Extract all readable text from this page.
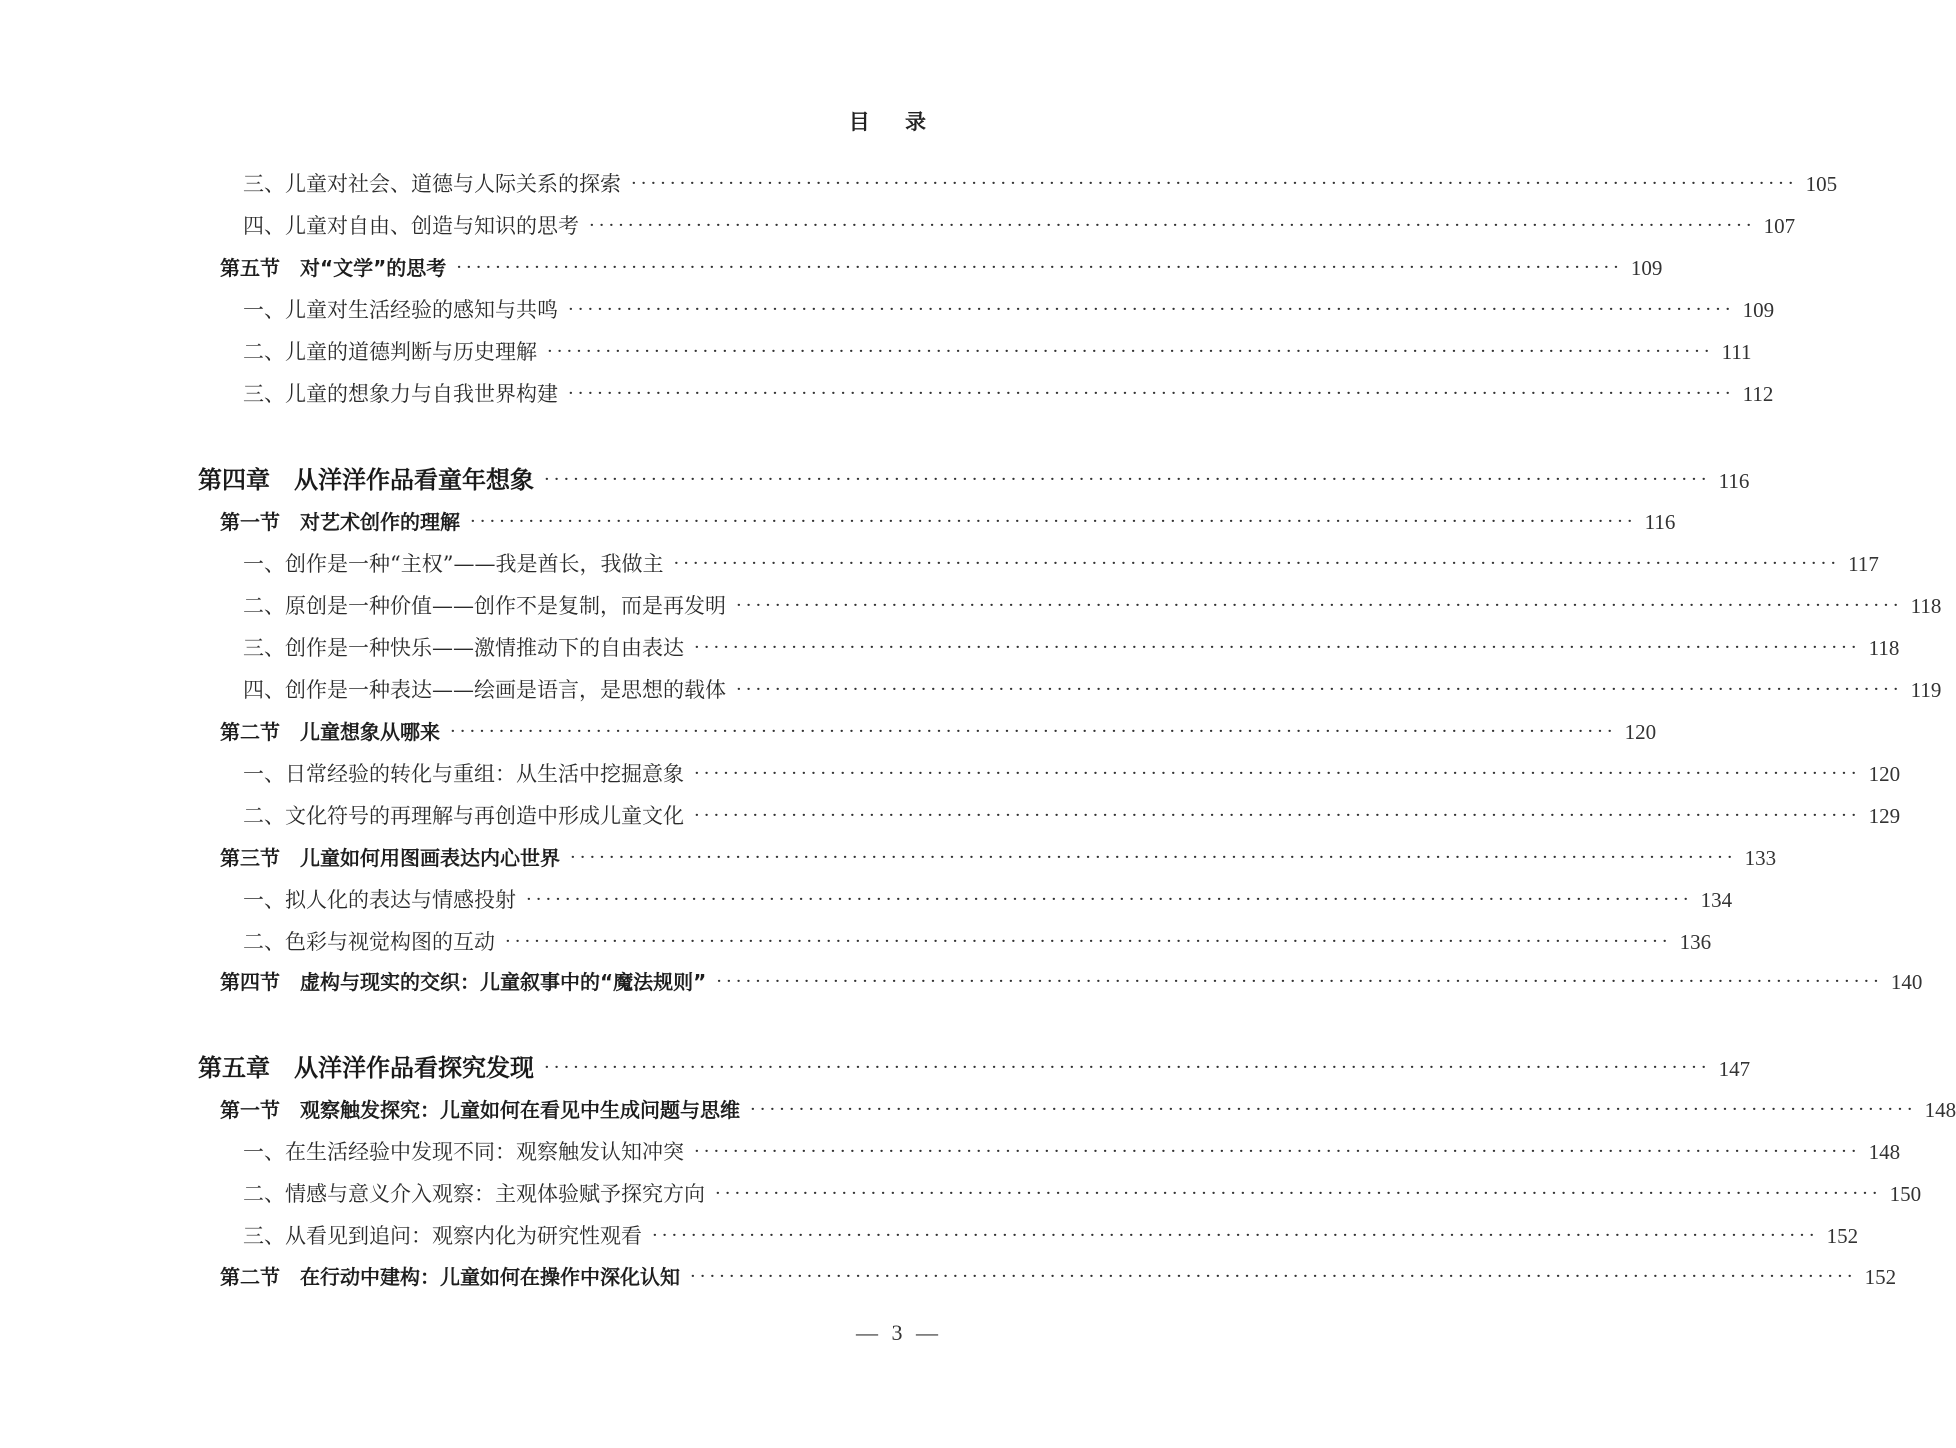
目 录
三、儿童对社会、道德与人际关系的探索 ························································································································ 105
四、儿童对自由、创造与知识的思考 ························································································································ 107
第五节　对“文学”的思考 ························································································································ 109
一、儿童对生活经验的感知与共鸣 ························································································································ 109
二、儿童的道德判断与历史理解 ························································································································ 111
三、儿童的想象力与自我世界构建 ························································································································ 112
第四章　从洋洋作品看童年想象 ························································································································ 116
第一节　对艺术创作的理解 ························································································································ 116
一、创作是一种“主权”——我是酋长，我做主 ························································································································ 117
二、原创是一种价值——创作不是复制，而是再发明 ························································································································ 118
三、创作是一种快乐——激情推动下的自由表达 ························································································································ 118
四、创作是一种表达——绘画是语言，是思想的载体 ························································································································ 119
第二节　儿童想象从哪来 ························································································································ 120
一、日常经验的转化与重组：从生活中挖掘意象 ························································································································ 120
二、文化符号的再理解与再创造中形成儿童文化 ························································································································ 129
第三节　儿童如何用图画表达内心世界 ························································································································ 133
一、拟人化的表达与情感投射 ························································································································ 134
二、色彩与视觉构图的互动 ························································································································ 136
第四节　虚构与现实的交织：儿童叙事中的“魔法规则” ························································································································ 140
第五章　从洋洋作品看探究发现 ························································································································ 147
第一节　观察触发探究：儿童如何在看见中生成问题与思维 ························································································································ 148
一、在生活经验中发现不同：观察触发认知冲突 ························································································································ 148
二、情感与意义介入观察：主观体验赋予探究方向 ························································································································ 150
三、从看见到追问：观察内化为研究性观看 ························································································································ 152
第二节　在行动中建构：儿童如何在操作中深化认知 ························································································································ 152
— 3 —
